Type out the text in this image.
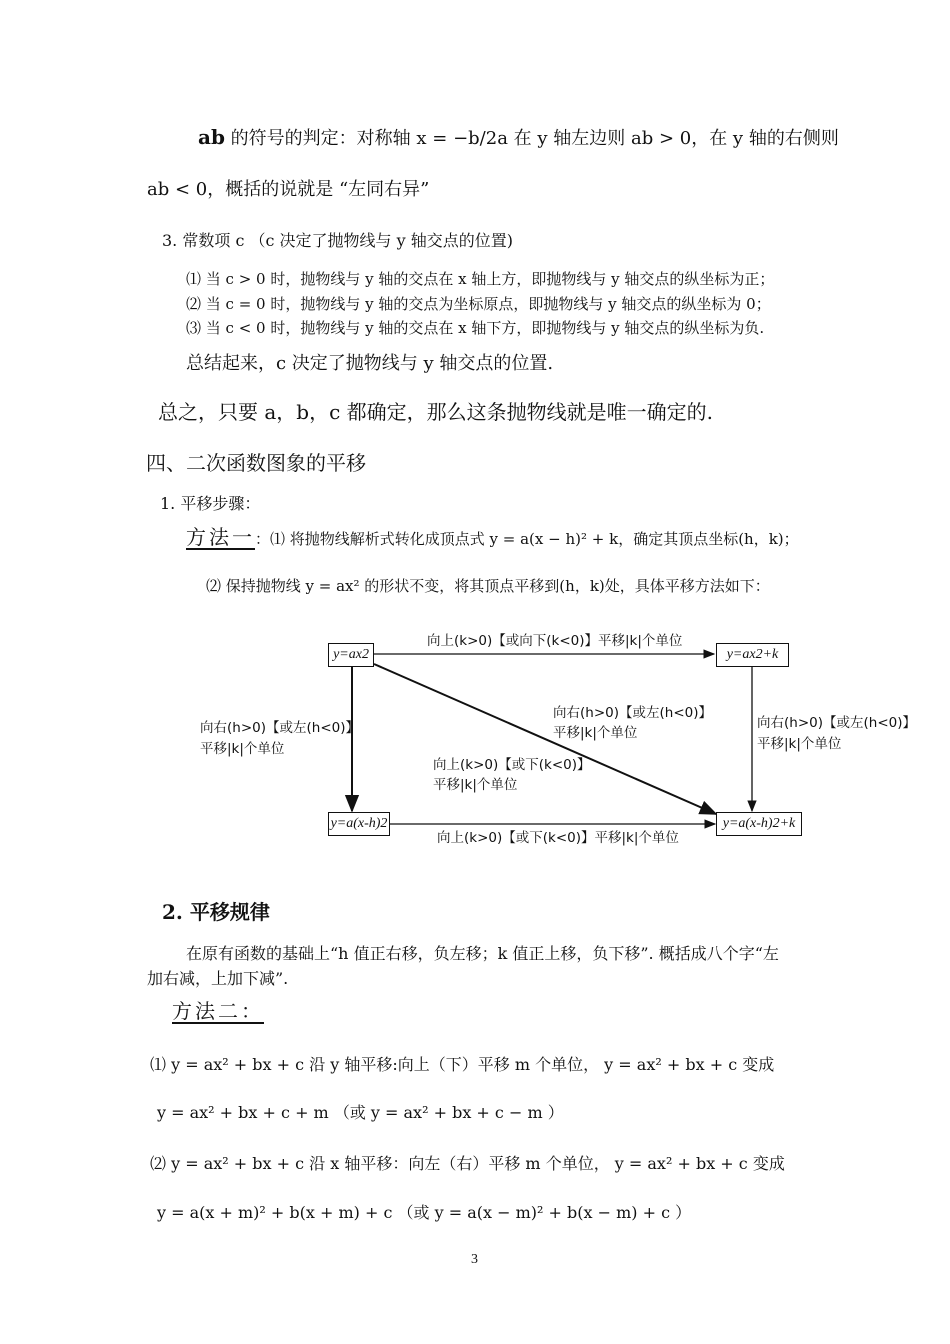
ab 的符号的判定：对称轴 x = −b/2a 在 y 轴左边则 ab > 0，在 y 轴的右侧则
ab < 0，概括的说就是 “左同右异”
3. 常数项 c （c 决定了抛物线与 y 轴交点的位置)
⑴ 当 c > 0 时，抛物线与 y 轴的交点在 x 轴上方，即抛物线与 y 轴交点的纵坐标为正；
⑵ 当 c = 0 时，抛物线与 y 轴的交点为坐标原点，即抛物线与 y 轴交点的纵坐标为 0；
⑶ 当 c < 0 时，抛物线与 y 轴的交点在 x 轴下方，即抛物线与 y 轴交点的纵坐标为负.
总结起来，c 决定了抛物线与 y 轴交点的位置.
总之，只要 a，b，c 都确定，那么这条抛物线就是唯一确定的.
四、二次函数图象的平移
1. 平移步骤：
方法一：⑴ 将抛物线解析式转化成顶点式 y = a(x − h)² + k，确定其顶点坐标(h，k)；
⑵ 保持抛物线 y = ax² 的形状不变，将其顶点平移到(h，k)处，具体平移方法如下：
y=ax2	y=ax2+k
y=a(x-h)2	y=a(x-h)2+k
向上(k>0)【或向下(k<0)】平移|k|个单位
向右(h>0)【或左(h<0)】
平移|k|个单位
向右(h>0)【或左(h<0)】
平移|k|个单位
向右(h>0)【或左(h<0)】
平移|k|个单位
向上(k>0)【或下(k<0)】
平移|k|个单位
向上(k>0)【或下(k<0)】平移|k|个单位
2. 平移规律
在原有函数的基础上“h 值正右移，负左移；k 值正上移，负下移”. 概括成八个字“左
加右减，上加下减”.
方法二：
⑴ y = ax² + bx + c 沿 y 轴平移:向上（下）平移 m 个单位， y = ax² + bx + c 变成
y = ax² + bx + c + m （或 y = ax² + bx + c − m ）
⑵ y = ax² + bx + c 沿 x 轴平移：向左（右）平移 m 个单位， y = ax² + bx + c 变成
y = a(x + m)² + b(x + m) + c （或 y = a(x − m)² + b(x − m) + c ）
3
